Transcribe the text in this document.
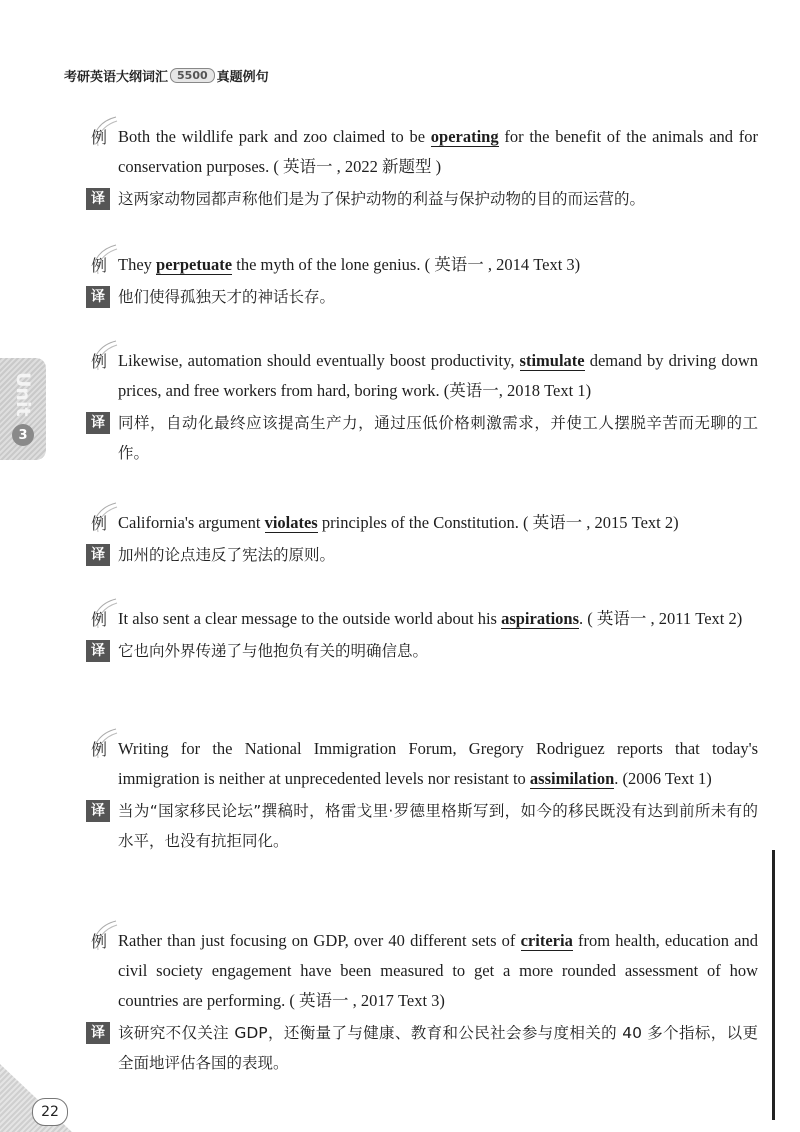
考研英语大纲词汇 5500 真题例句
Unit
3
22
例 Both the wildlife park and zoo claimed to be operating for the benefit of the animals and for conservation purposes. ( 英语一 , 2022 新题型 )
译 这两家动物园都声称他们是为了保护动物的利益与保护动物的目的而运营的。
例 They perpetuate the myth of the lone genius. ( 英语一 , 2014 Text 3)
译 他们使得孤独天才的神话长存。
例 Likewise, automation should eventually boost productivity, stimulate demand by driving down prices, and free workers from hard, boring work. (英语一, 2018 Text 1)
译 同样，自动化最终应该提高生产力，通过压低价格刺激需求，并使工人摆脱辛苦而无聊的工作。
例 California's argument violates principles of the Constitution. ( 英语一 , 2015 Text 2)
译 加州的论点违反了宪法的原则。
例 It also sent a clear message to the outside world about his aspirations. ( 英语一 , 2011 Text 2)
译 它也向外界传递了与他抱负有关的明确信息。
例 Writing for the National Immigration Forum, Gregory Rodriguez reports that today's immigration is neither at unprecedented levels nor resistant to assimilation. (2006 Text 1)
译 当为“国家移民论坛”撰稿时，格雷戈里·罗德里格斯写到，如今的移民既没有达到前所未有的水平，也没有抗拒同化。
例 Rather than just focusing on GDP, over 40 different sets of criteria from health, education and civil society engagement have been measured to get a more rounded assessment of how countries are performing. ( 英语一 , 2017 Text 3)
译 该研究不仅关注 GDP，还衡量了与健康、教育和公民社会参与度相关的 40 多个指标，以更全面地评估各国的表现。
